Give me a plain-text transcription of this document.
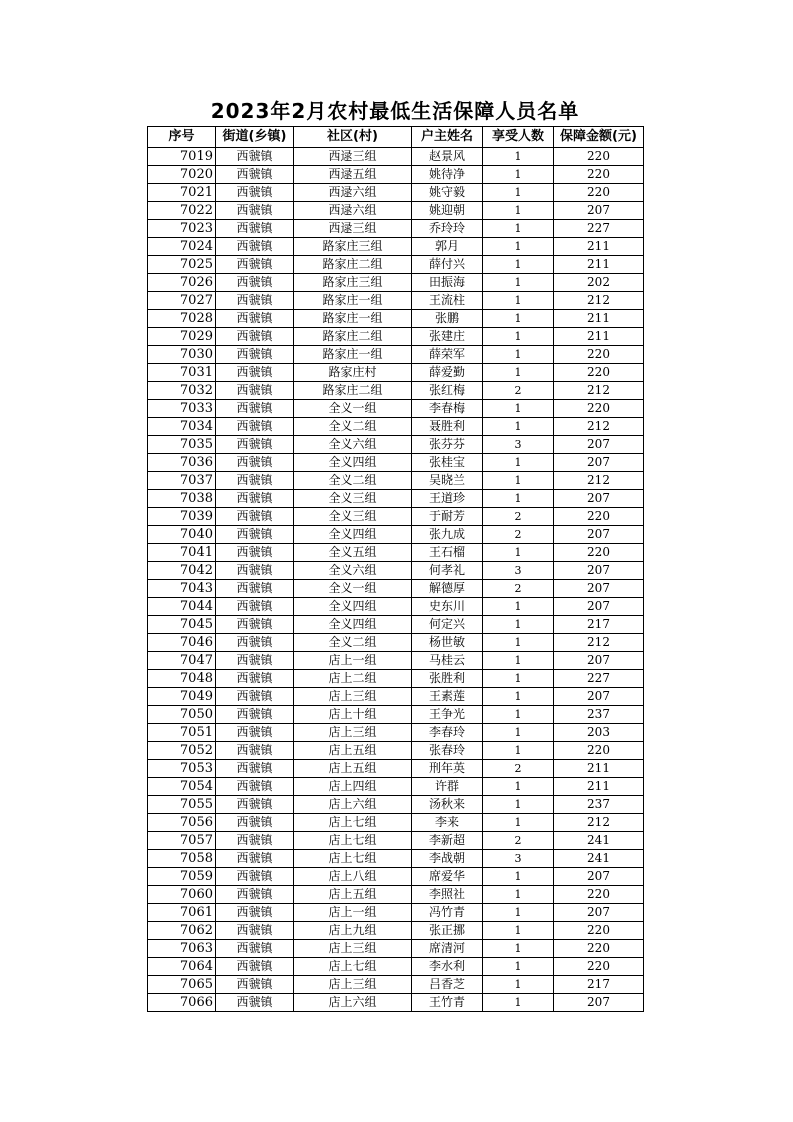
2023年2月农村最低生活保障人员名单
序号	街道(乡镇)	社区(村)	户主姓名	享受人数	保障金额(元)
7019	西虢镇	西逯三组	赵景风	1	220
7020	西虢镇	西逯五组	姚待净	1	220
7021	西虢镇	西逯六组	姚守毅	1	220
7022	西虢镇	西逯六组	姚迎朝	1	207
7023	西虢镇	西逯三组	乔玲玲	1	227
7024	西虢镇	路家庄三组	郭月	1	211
7025	西虢镇	路家庄二组	薛付兴	1	211
7026	西虢镇	路家庄三组	田振海	1	202
7027	西虢镇	路家庄一组	王流柱	1	212
7028	西虢镇	路家庄一组	张鹏	1	211
7029	西虢镇	路家庄二组	张建庄	1	211
7030	西虢镇	路家庄一组	薛荣军	1	220
7031	西虢镇	路家庄村	薛爱勤	1	220
7032	西虢镇	路家庄二组	张红梅	2	212
7033	西虢镇	全义一组	李春梅	1	220
7034	西虢镇	全义二组	聂胜利	1	212
7035	西虢镇	全义六组	张芬芬	3	207
7036	西虢镇	全义四组	张桂宝	1	207
7037	西虢镇	全义二组	吴晓兰	1	212
7038	西虢镇	全义三组	王道珍	1	207
7039	西虢镇	全义三组	于耐芳	2	220
7040	西虢镇	全义四组	张九成	2	207
7041	西虢镇	全义五组	王石榴	1	220
7042	西虢镇	全义六组	何孝礼	3	207
7043	西虢镇	全义一组	解德厚	2	207
7044	西虢镇	全义四组	史东川	1	207
7045	西虢镇	全义四组	何定兴	1	217
7046	西虢镇	全义二组	杨世敏	1	212
7047	西虢镇	店上一组	马桂云	1	207
7048	西虢镇	店上二组	张胜利	1	227
7049	西虢镇	店上三组	王素莲	1	207
7050	西虢镇	店上十组	王争光	1	237
7051	西虢镇	店上三组	李春玲	1	203
7052	西虢镇	店上五组	张春玲	1	220
7053	西虢镇	店上五组	刑年英	2	211
7054	西虢镇	店上四组	许群	1	211
7055	西虢镇	店上六组	汤秋来	1	237
7056	西虢镇	店上七组	李来	1	212
7057	西虢镇	店上七组	李新超	2	241
7058	西虢镇	店上七组	李战朝	3	241
7059	西虢镇	店上八组	席爱华	1	207
7060	西虢镇	店上五组	李照社	1	220
7061	西虢镇	店上一组	冯竹青	1	207
7062	西虢镇	店上九组	张正挪	1	220
7063	西虢镇	店上三组	席清河	1	220
7064	西虢镇	店上七组	李水利	1	220
7065	西虢镇	店上三组	吕香芝	1	217
7066	西虢镇	店上六组	王竹青	1	207
